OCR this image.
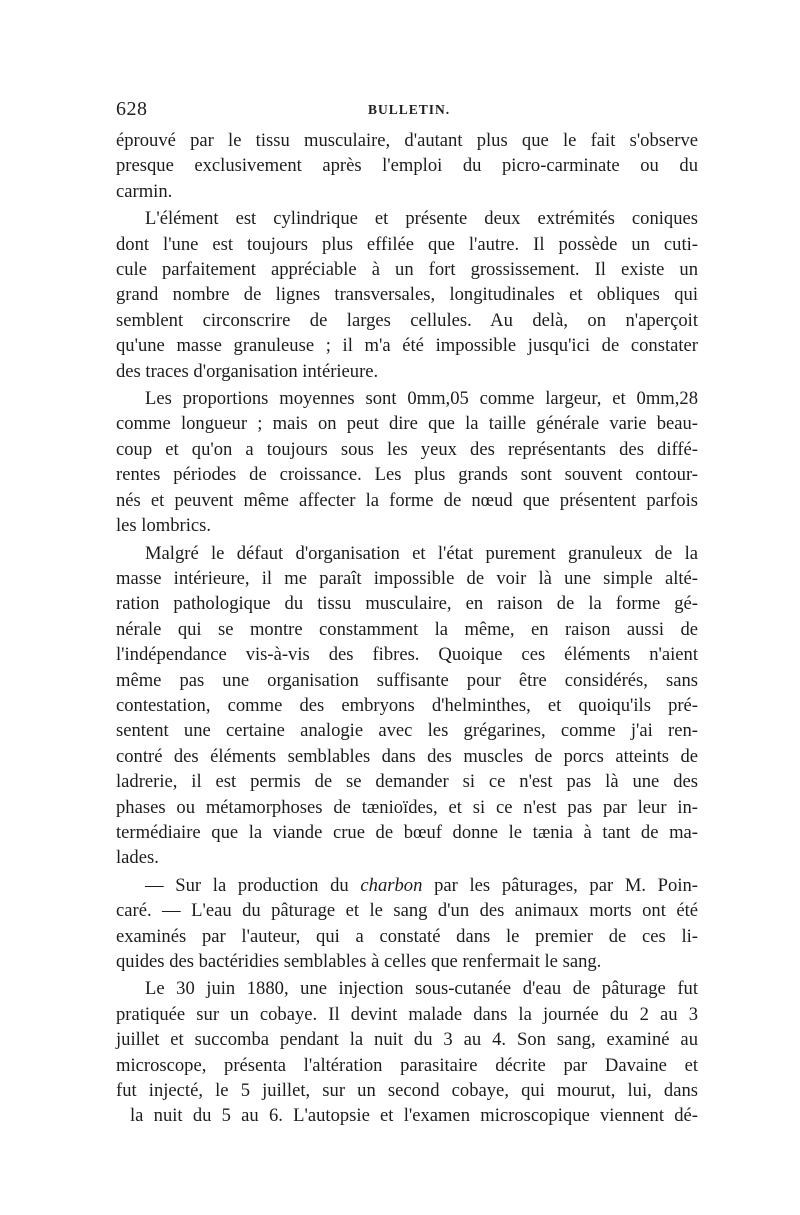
628	BULLETIN.

éprouvé par le tissu musculaire, d'autant plus que le fait s'observe
presque exclusivement après l'emploi du picro-carminate ou du
carmin.

L'élément est cylindrique et présente deux extrémités coniques
dont l'une est toujours plus effilée que l'autre. Il possède un cuti-
cule parfaitement appréciable à un fort grossissement. Il existe un
grand nombre de lignes transversales, longitudinales et obliques qui
semblent circonscrire de larges cellules. Au delà, on n'aperçoit
qu'une masse granuleuse ; il m'a été impossible jusqu'ici de constater
des traces d'organisation intérieure.

Les proportions moyennes sont 0mm,05 comme largeur, et 0mm,28
comme longueur ; mais on peut dire que la taille générale varie beau-
coup et qu'on a toujours sous les yeux des représentants des diffé-
rentes périodes de croissance. Les plus grands sont souvent contour-
nés et peuvent même affecter la forme de nœud que présentent parfois
les lombrics.

Malgré le défaut d'organisation et l'état purement granuleux de la
masse intérieure, il me paraît impossible de voir là une simple alté-
ration pathologique du tissu musculaire, en raison de la forme gé-
nérale qui se montre constamment la même, en raison aussi de
l'indépendance vis-à-vis des fibres. Quoique ces éléments n'aient
même pas une organisation suffisante pour être considérés, sans
contestation, comme des embryons d'helminthes, et quoiqu'ils pré-
sentent une certaine analogie avec les grégarines, comme j'ai ren-
contré des éléments semblables dans des muscles de porcs atteints de
ladrerie, il est permis de se demander si ce n'est pas là une des
phases ou métamorphoses de tænioïdes, et si ce n'est pas par leur in-
termédiaire que la viande crue de bœuf donne le tænia à tant de ma-
lades.

— Sur la production du charbon par les pâturages, par M. Poin-
caré. — L'eau du pâturage et le sang d'un des animaux morts ont été
examinés par l'auteur, qui a constaté dans le premier de ces li-
quides des bactéridies semblables à celles que renfermait le sang.

Le 30 juin 1880, une injection sous-cutanée d'eau de pâturage fut
pratiquée sur un cobaye. Il devint malade dans la journée du 2 au 3
juillet et succomba pendant la nuit du 3 au 4. Son sang, examiné au
microscope, présenta l'altération parasitaire décrite par Davaine et
fut injecté, le 5 juillet, sur un second cobaye, qui mourut, lui, dans
la nuit du 5 au 6. L'autopsie et l'examen microscopique viennent dé-
